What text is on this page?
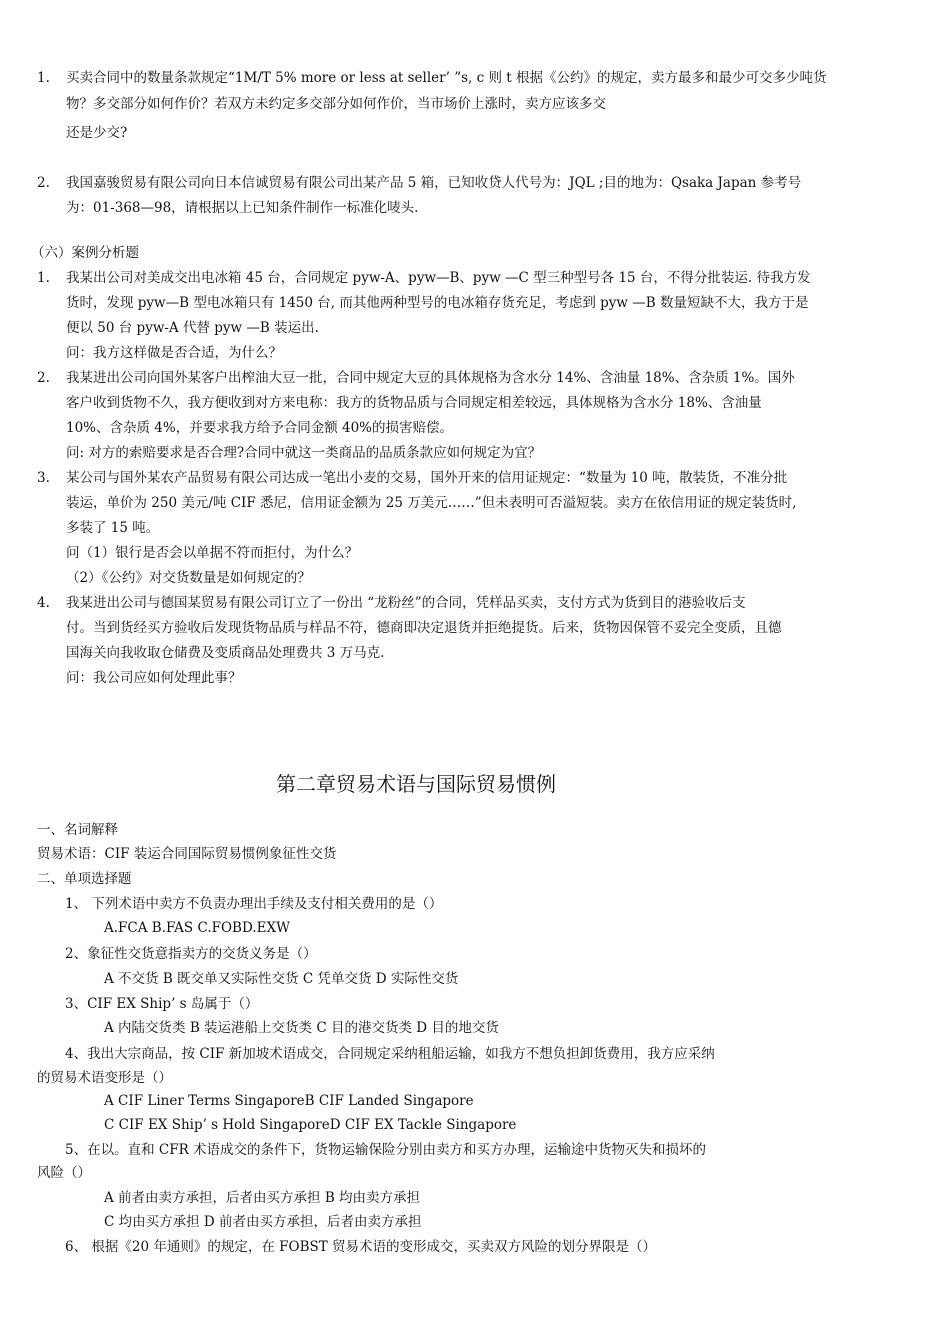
1. 买卖合同中的数量条款规定“1M/T 5% more or less at seller’ ”s, c 则 t 根据《公约》的规定，卖方最多和最少可交多少吨货
物？多交部分如何作价？若双方未约定多交部分如何作价，当市场价上涨时，卖方应该多交
还是少交?
2. 我国嘉骏贸易有限公司向日本信诚贸易有限公司出某产品 5 箱，已知收贷人代号为：JQL ;目的地为：Qsaka Japan 参考号
为：01-368—98，请根据以上已知条件制作一标准化唛头.
（六）案例分析题
1. 我某出公司对美成交出电冰箱 45 台，合同规定 pyw-A、pyw—B、pyw —C 型三种型号各 15 台，不得分批装运. 待我方发
货时，发现 pyw—B 型电冰箱只有 1450 台, 而其他两种型号的电冰箱存货充足，考虑到 pyw —B 数量短缺不大，我方于是
便以 50 台 pyw-A 代替 pyw —B 装运出.
问：我方这样做是否合适，为什么？
2. 我某进出公司向国外某客户出榨油大豆一批，合同中规定大豆的具体规格为含水分 14%、含油量 18%、含杂质 1%。国外
客户收到货物不久，我方便收到对方来电称：我方的货物品质与合同规定相差较远，具体规格为含水分 18%、含油量
10%、含杂质 4%，并要求我方给予合同金额 40%的损害赔偿。
问: 对方的索赔要求是否合理?合同中就这一类商品的品质条款应如何规定为宜？
3. 某公司与国外某农产品贸易有限公司达成一笔出小麦的交易，国外开来的信用证规定：“数量为 10 吨，散装货，不准分批
装运，单价为 250 美元/吨 CIF 悉尼，信用证金额为 25 万美元……”但未表明可否溢短装。卖方在依信用证的规定装货时,
多装了 15 吨。
问（1）银行是否会以单据不符而拒付，为什么？
（2）《公约》对交货数量是如何规定的？
4. 我某进出公司与德国某贸易有限公司订立了一份出 “龙粉丝”的合同，凭样品买卖，支付方式为货到目的港验收后支
付。当到货经买方验收后发现货物品质与样品不符，德商即决定退货并拒绝提货。后来，货物因保管不妥完全变质，且德
国海关向我收取仓储费及变质商品处理费共 3 万马克.
问：我公司应如何处理此事？
第二章贸易术语与国际贸易惯例
一、名词解释
贸易术语：CIF 装运合同国际贸易惯例象征性交货
二、单项选择题
1、 下列术语中卖方不负责办理出手续及支付相关费用的是（）
A.FCA B.FAS C.FOBD.EXW
2、象征性交货意指卖方的交货义务是（）
A 不交货 B 既交单又实际性交货 C 凭单交货 D 实际性交货
3、CIF EX Ship’ s 岛属于（）
A 内陆交货类 B 装运港船上交货类 C 目的港交货类 D 目的地交货
4、我出大宗商品，按 CIF 新加坡术语成交，合同规定采纳租船运输，如我方不想负担卸货费用，我方应采纳
的贸易术语变形是（）
A CIF Liner Terms SingaporeB CIF Landed Singapore
C CIF EX Ship’ s Hold SingaporeD CIF EX Tackle Singapore
5、在以。直和 CFR 术语成交的条件下，货物运输保险分别由卖方和买方办理，运输途中货物灭失和损坏的
风险（）
A 前者由卖方承担，后者由买方承担 B 均由卖方承担
C 均由买方承担 D 前者由买方承担，后者由卖方承担
6、 根据《20 年通则》的规定，在 FOBST 贸易术语的变形成交，买卖双方风险的划分界限是（）
